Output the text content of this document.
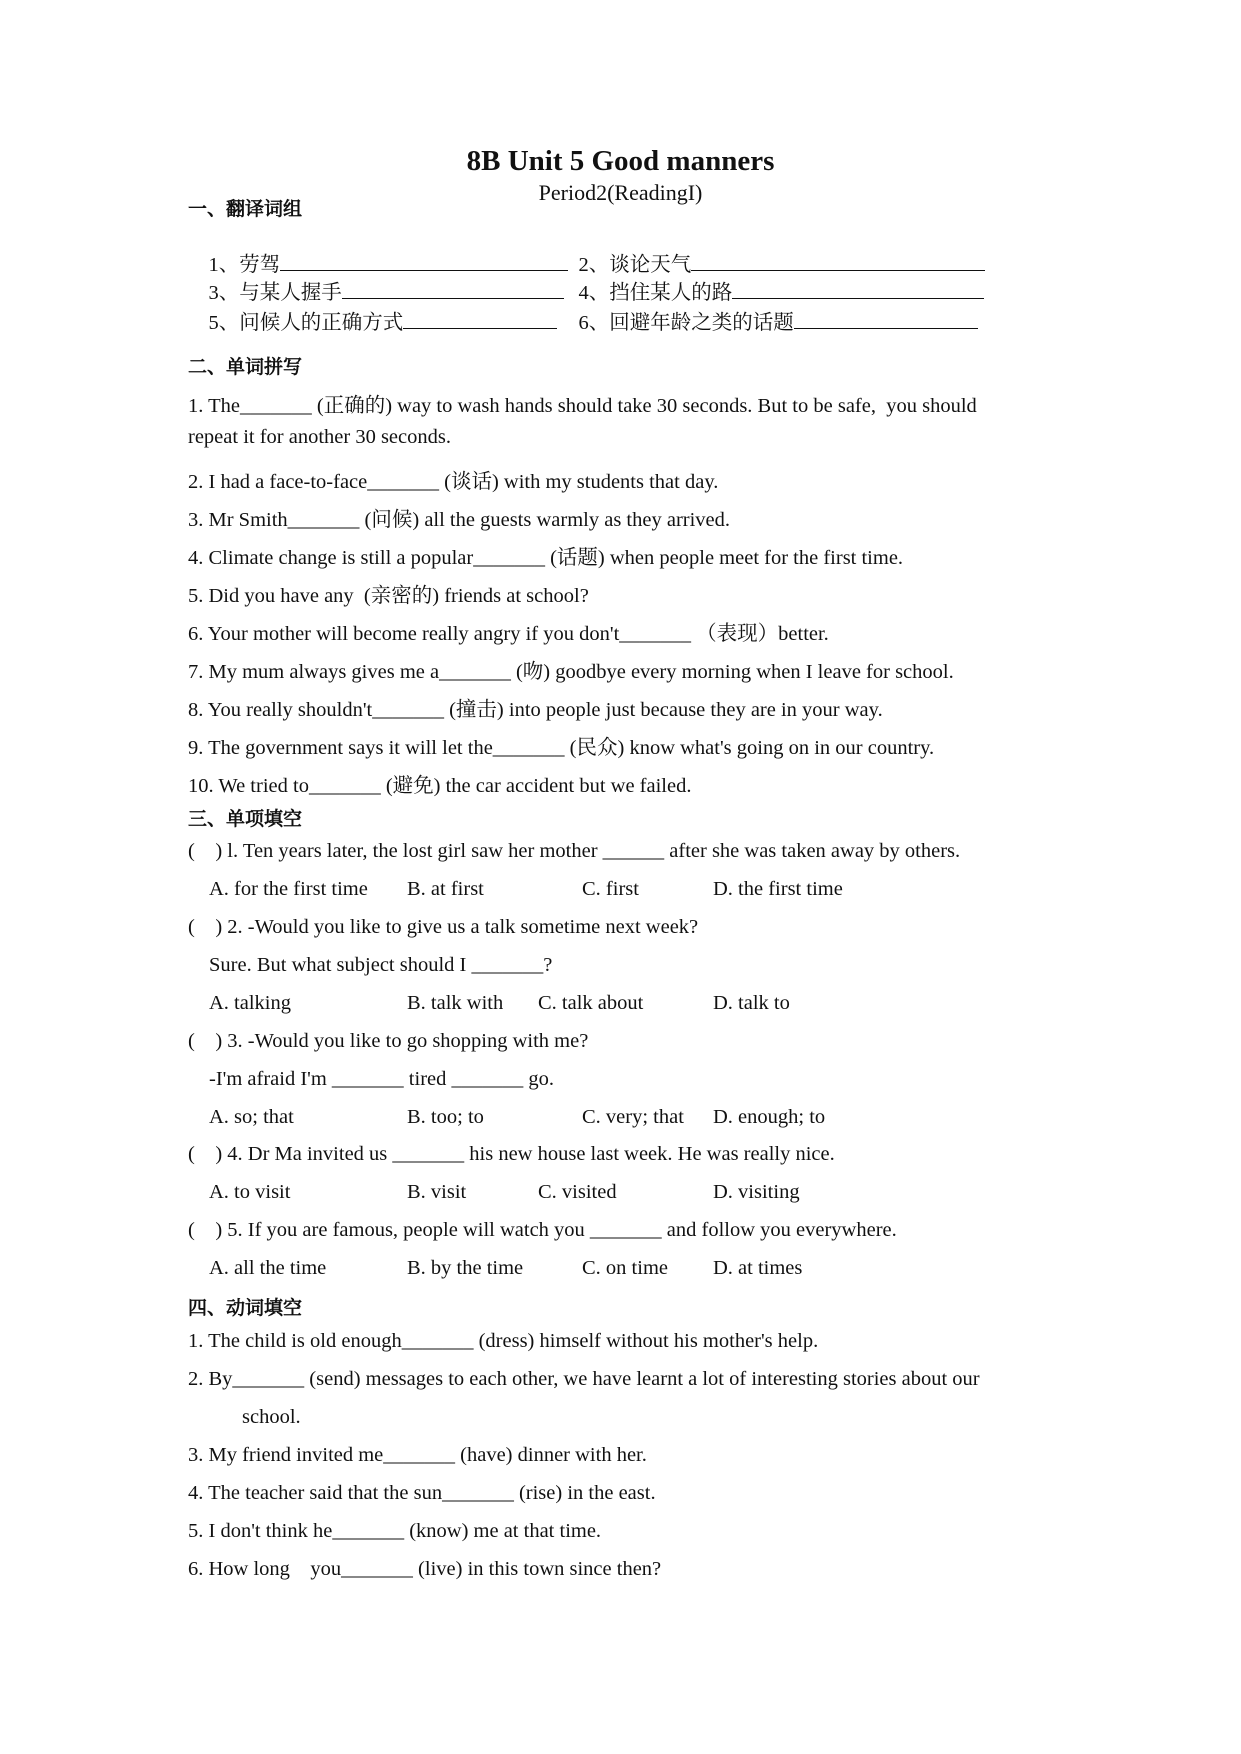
8B Unit 5 Good manners
Period2(ReadingI)
一、翻译词组

1、劳驾
	2、谈论天气

3、与某人握手
	4、挡住某人的路

5、问候人的正确方式
	6、回避年龄之类的话题

二、单词拼写
1. The_______ (正确的) way to wash hands should take 30 seconds. But to be safe,  you should
repeat it for another 30 seconds.
2. I had a face-to-face_______ (谈话) with my students that day.
3. Mr Smith_______ (问候) all the guests warmly as they arrived.
4. Climate change is still a popular_______ (话题) when people meet for the first time.
5. Did you have any  (亲密的) friends at school?
6. Your mother will become really angry if you don't_______ （表现）better.
7. My mum always gives me a_______ (吻) goodbye every morning when I leave for school.
8. You really shouldn't_______ (撞击) into people just because they are in your way.
9. The government says it will let the_______ (民众) know what's going on in our country.
10. We tried to_______ (避免) the car accident but we failed.
三、单项填空
(    ) l. Ten years later, the lost girl saw her mother ______ after she was taken away by others.
A. for the first time B. at first	C. first	D. the first time
(    ) 2. -Would you like to give us a talk sometime next week?
Sure. But what subject should I _______?
A. talking	B. talk with C. talk about	D. talk to
(    ) 3. -Would you like to go shopping with me?
-I'm afraid I'm _______ tired _______ go.
A. so; that	B. too; to	C. very; that D. enough; to
(    ) 4. Dr Ma invited us _______ his new house last week. He was really nice.
A. to visit	B. visit	C. visited	D. visiting
(    ) 5. If you are famous, people will watch you _______ and follow you everywhere.
A. all the time	B. by the time	C. on time D. at times
四、动词填空
1. The child is old enough_______ (dress) himself without his mother's help.
2. By_______ (send) messages to each other, we have learnt a lot of interesting stories about our
school.
3. My friend invited me_______ (have) dinner with her.
4. The teacher said that the sun_______ (rise) in the east.
5. I don't think he_______ (know) me at that time.
6. How long    you_______ (live) in this town since then?
